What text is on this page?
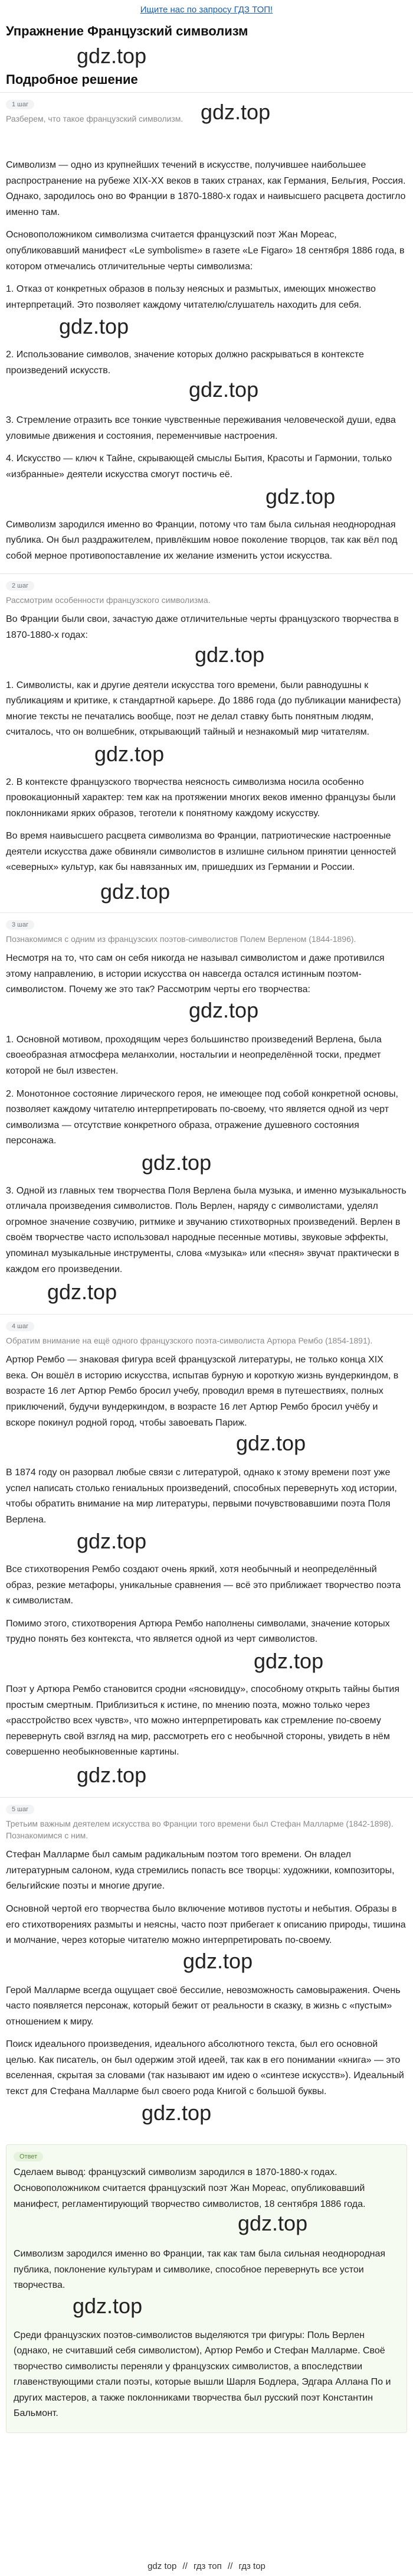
Ищите нас по запросу ГДЗ ТОП!
Упражнение Французский символизм
gdz.top
Подробное решение
1 шаг
Разберем, что такое французский символизм. gdz.top

Символизм — одно из крупнейших течений в искусстве, получившее наибольшее распространение на рубеже XIX-XX веков в таких странах, как Германия, Бельгия, Россия. Однако, зародилось оно во Франции в 1870-1880-х годах и наивысшего расцвета достигло именно там.

Основоположником символизма считается французский поэт Жан Мореас, опубликовавший манифест «Le symbolisme» в газете «Le Figaro» 18 сентября 1886 года, в котором отмечались отличительные черты символизма:

1. Отказ от конкретных образов в пользу неясных и размытых, имеющих множество интерпретаций. Это позволяет каждому читателю/слушатель находить для себя.

gdz.top

2. Использование символов, значение которых должно раскрываться в контексте произведений искусств.

gdz.top

3. Стремление отразить все тонкие чувственные переживания человеческой души, едва уловимые движения и состояния, переменчивые настроения.

4. Искусство — ключ к Тайне, скрывающей смыслы Бытия, Красоты и Гармонии, только «избранные» деятели искусства смогут постичь её.

gdz.top

Символизм зародился именно во Франции, потому что там была сильная неоднородная публика. Он был раздражителем, привлёкшим новое поколение творцов, так как вёл под собой мерное противопоставление их желание изменить устои искусства.

2 шаг
Рассмотрим особенности французского символизма.

Во Франции были свои, зачастую даже отличительные черты французского творчества в 1870-1880-х годах:

gdz.top

1. Символисты, как и другие деятели искусства того времени, были равнодушны к публикациям и критике, к стандартной карьере. До 1886 года (до публикации манифеста) многие тексты не печатались вообще, поэт не делал ставку быть понятным людям, считалось, что он волшебник, открывающий тайный и незнакомый мир читателям.

gdz.top

2. В контексте французского творчества неясность символизма носила особенно провокационный характер: тем как на протяжении многих веков именно французы были поклонниками ярких образов, теготели к понятному каждому искусству.

Во время наивысшего расцвета символизма во Франции, патриотические настроенные деятели искусства даже обвиняли символистов в излишне сильном принятии ценностей «северных» культур, как бы навязанных им, пришедших из Германии и России.

gdz.top
3 шаг
Познакомимся с одним из французских поэтов-символистов Полем Верленом (1844-1896).

Несмотря на то, что сам он себя никогда не называл символистом и даже противился этому направлению, в истории искусства он навсегда остался истинным поэтом-символистом. Почему же это так? Рассмотрим черты его творчества:

gdz.top

1. Основной мотивом, проходящим через большинство произведений Верлена, была своеобразная атмосфера меланхолии, ностальгии и неопределённой тоски, предмет которой не был известен.

2. Монотонное состояние лирического героя, не имеющее под собой конкретной основы, позволяет каждому читателю интерпретировать по-своему, что является одной из черт символизма — отсутствие конкретного образа, отражение душевного состояния персонажа.

gdz.top

3. Одной из главных тем творчества Поля Верлена была музыка, и именно музыкальность отличала произведения символистов. Поль Верлен, наряду с символистами, уделял огромное значение созвучию, ритмике и звучанию стихотворных произведений. Верлен в своём творчестве часто использовал народные песенные мотивы, звуковые эффекты, упоминал музыкальные инструменты, слова «музыка» или «песня» звучат практически в каждом его произведении.

gdz.top
4 шаг
Обратим внимание на ещё одного французского поэта-символиста Артюра Рембо (1854-1891).

Артюр Рембо — знаковая фигура всей французской литературы, не только конца XIX века. Он вошёл в историю искусства, испытав бурную и короткую жизнь вундеркиндом, в возрасте 16 лет Артюр Рембо бросил учебу, проводил время в путешествиях, полных приключений, будучи вундеркиндом, в возрасте 16 лет Артюр Рембо бросил учёбу и вскоре покинул родной город, чтобы завоевать Париж.

gdz.top

В 1874 году он разорвал любые связи с литературой, однако к этому времени поэт уже успел написать столько гениальных произведений, способных перевернуть ход истории, чтобы обратить внимание на мир литературы, первыми почувствовавшими поэта Поля Верлена.

gdz.top

Все стихотворения Рембо создают очень яркий, хотя необычный и неопределённый образ, резкие метафоры, уникальные сравнения — всё это приближает творчество поэта к символистам.

Помимо этого, стихотворения Артюра Рембо наполнены символами, значение которых трудно понять без контекста, что является одной из черт символистов.

gdz.top

Поэт у Артюра Рембо становится сродни «ясновидцу», способному открыть тайны бытия простым смертным. Приблизиться к истине, по мнению поэта, можно только через «расстройство всех чувств», что можно интерпретировать как стремление по-своему перевернуть свой взгляд на мир, рассмотреть его с необычной стороны, увидеть в нём совершенно необыкновенные картины.

gdz.top
5 шаг
Третьим важным деятелем искусства во Франции того времени был Стефан Малларме (1842-1898). Познакомимся с ним.

Стефан Малларме был самым радикальным поэтом того времени. Он владел литературным салоном, куда стремились попасть все творцы: художники, композиторы, бельгийские поэты и многие другие.

Основной чертой его творчества было включение мотивов пустоты и небытия. Образы в его стихотворениях размыты и неясны, часто поэт прибегает к описанию природы, тишина и молчание, через которые читателю можно интерпретировать по-своему.

gdz.top

Герой Малларме всегда ощущает своё бессилие, невозможность самовыражения. Очень часто появляется персонаж, который бежит от реальности в сказку, в жизнь с «пустым» отношением к миру.

Поиск идеального произведения, идеального абсолютного текста, был его основной целью. Как писатель, он был одержим этой идеей, так как в его понимании «книга» — это вселенная, скрытая за словами (так называют им идею о «синтезе искусств»). Идеальный текст для Стефана Малларме был своего рода Книгой с большой буквы.

gdz.top
Ответ

Сделаем вывод: французский символизм зародился в 1870-1880-х годах. Основоположником считается французский поэт Жан Мореас, опубликовавший манифест, регламентирующий творчество символистов, 18 сентября 1886 года.

gdz.top

Символизм зародился именно во Франции, так как там была сильная неоднородная публика, поклонение культурам и символике, способное перевернуть все устои творчества.

gdz.top

Среди французских поэтов-символистов выделяются три фигуры: Поль Верлен (однако, не считавший себя символистом), Артюр Рембо и Стефан Малларме. Своё творчество символисты переняли у французских символистов, а впоследствии главенствующими стали поэты, которые вышли Шарля Бодлера, Эдгара Аллана По и других мастеров, а также поклонниками творчества был русский поэт Константин Бальмонт.

gdz top // гдз топ // гдз top
